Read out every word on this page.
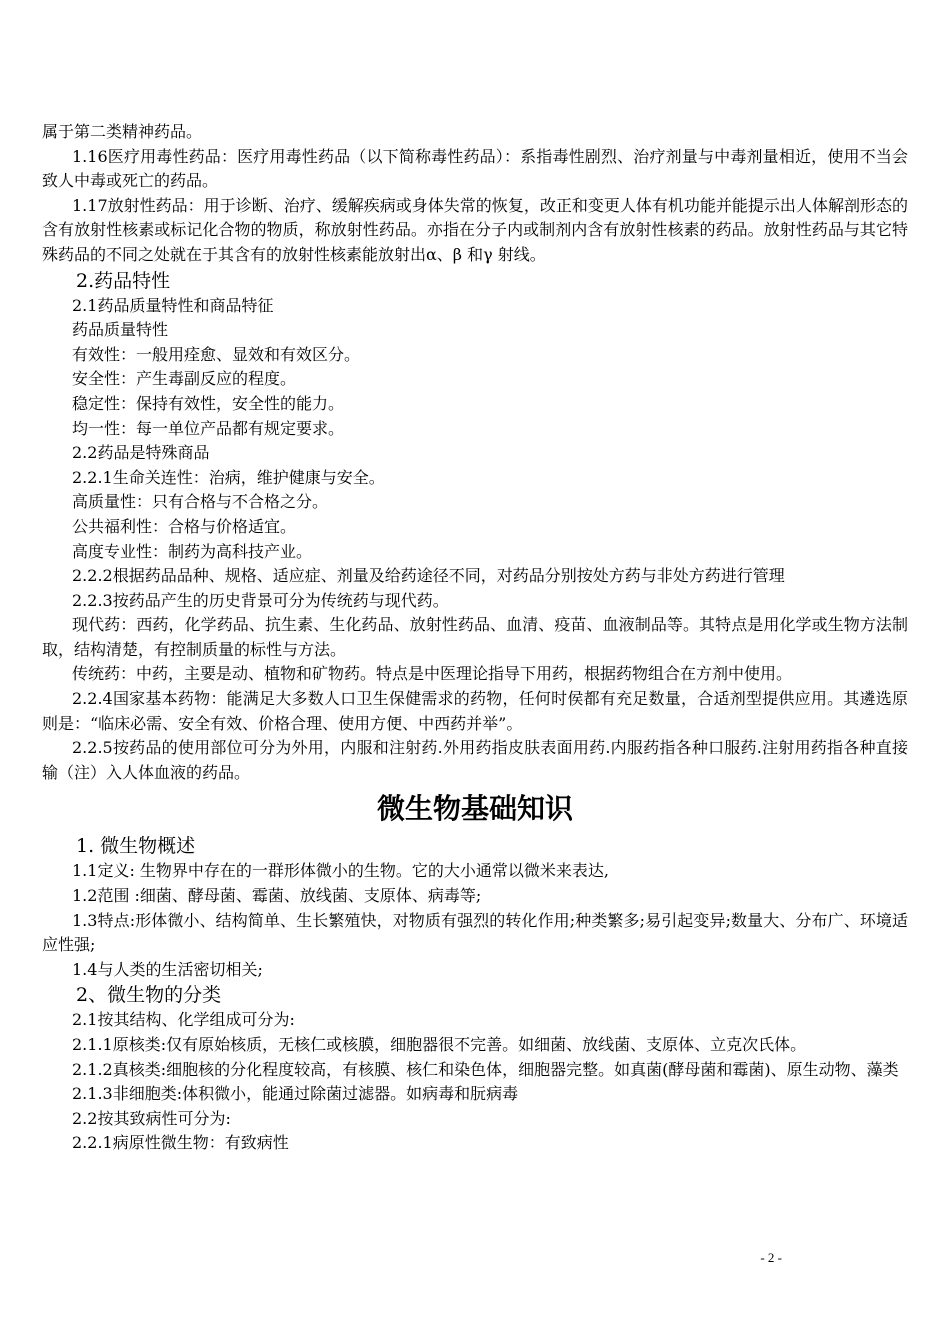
属于第二类精神药品。

1.16医疗用毒性药品：医疗用毒性药品（以下简称毒性药品）：系指毒性剧烈、治疗剂量与中毒剂量相近，使用不当会致人中毒或死亡的药品。

1.17放射性药品：用于诊断、治疗、缓解疾病或身体失常的恢复，改正和变更人体有机功能并能提示出人体解剖形态的含有放射性核素或标记化合物的物质，称放射性药品。亦指在分子内或制剂内含有放射性核素的药品。放射性药品与其它特殊药品的不同之处就在于其含有的放射性核素能放射出α、β 和γ 射线。

2.药品特性

2.1药品质量特性和商品特征

药品质量特性

有效性：一般用痊愈、显效和有效区分。

安全性：产生毒副反应的程度。

稳定性：保持有效性，安全性的能力。

均一性：每一单位产品都有规定要求。

2.2药品是特殊商品

2.2.1生命关连性：治病，维护健康与安全。

高质量性：只有合格与不合格之分。

公共福利性：合格与价格适宜。

高度专业性：制药为高科技产业。

2.2.2根据药品品种、规格、适应症、剂量及给药途径不同，对药品分别按处方药与非处方药进行管理

2.2.3按药品产生的历史背景可分为传统药与现代药。

现代药：西药，化学药品、抗生素、生化药品、放射性药品、血清、疫苗、血液制品等。其特点是用化学或生物方法制取，结构清楚，有控制质量的标性与方法。

传统药：中药，主要是动、植物和矿物药。特点是中医理论指导下用药，根据药物组合在方剂中使用。

2.2.4国家基本药物：能满足大多数人口卫生保健需求的药物，任何时侯都有充足数量，合适剂型提供应用。其遴选原则是：“临床必需、安全有效、价格合理、使用方便、中西药并举”。

2.2.5按药品的使用部位可分为外用，内服和注射药.外用药指皮肤表面用药.内服药指各种口服药.注射用药指各种直接输（注）入人体血液的药品。

微生物基础知识

1. 微生物概述

1.1定义: 生物界中存在的一群形体微小的生物。它的大小通常以微米来表达,

1.2范围 :细菌、酵母菌、霉菌、放线菌、支原体、病毒等;

1.3特点:形体微小、结构简单、生长繁殖快，对物质有强烈的转化作用;种类繁多;易引起变异;数量大、分布广、环境适应性强;

1.4与人类的生活密切相关;

2、微生物的分类

2.1按其结构、化学组成可分为:

2.1.1原核类:仅有原始核质，无核仁或核膜，细胞器很不完善。如细菌、放线菌、支原体、立克次氏体。

2.1.2真核类:细胞核的分化程度较高，有核膜、核仁和染色体，细胞器完整。如真菌(酵母菌和霉菌)、原生动物、藻类

2.1.3非细胞类:体积微小，能通过除菌过滤器。如病毒和朊病毒

2.2按其致病性可分为:

2.2.1病原性微生物：有致病性

- 2 -
